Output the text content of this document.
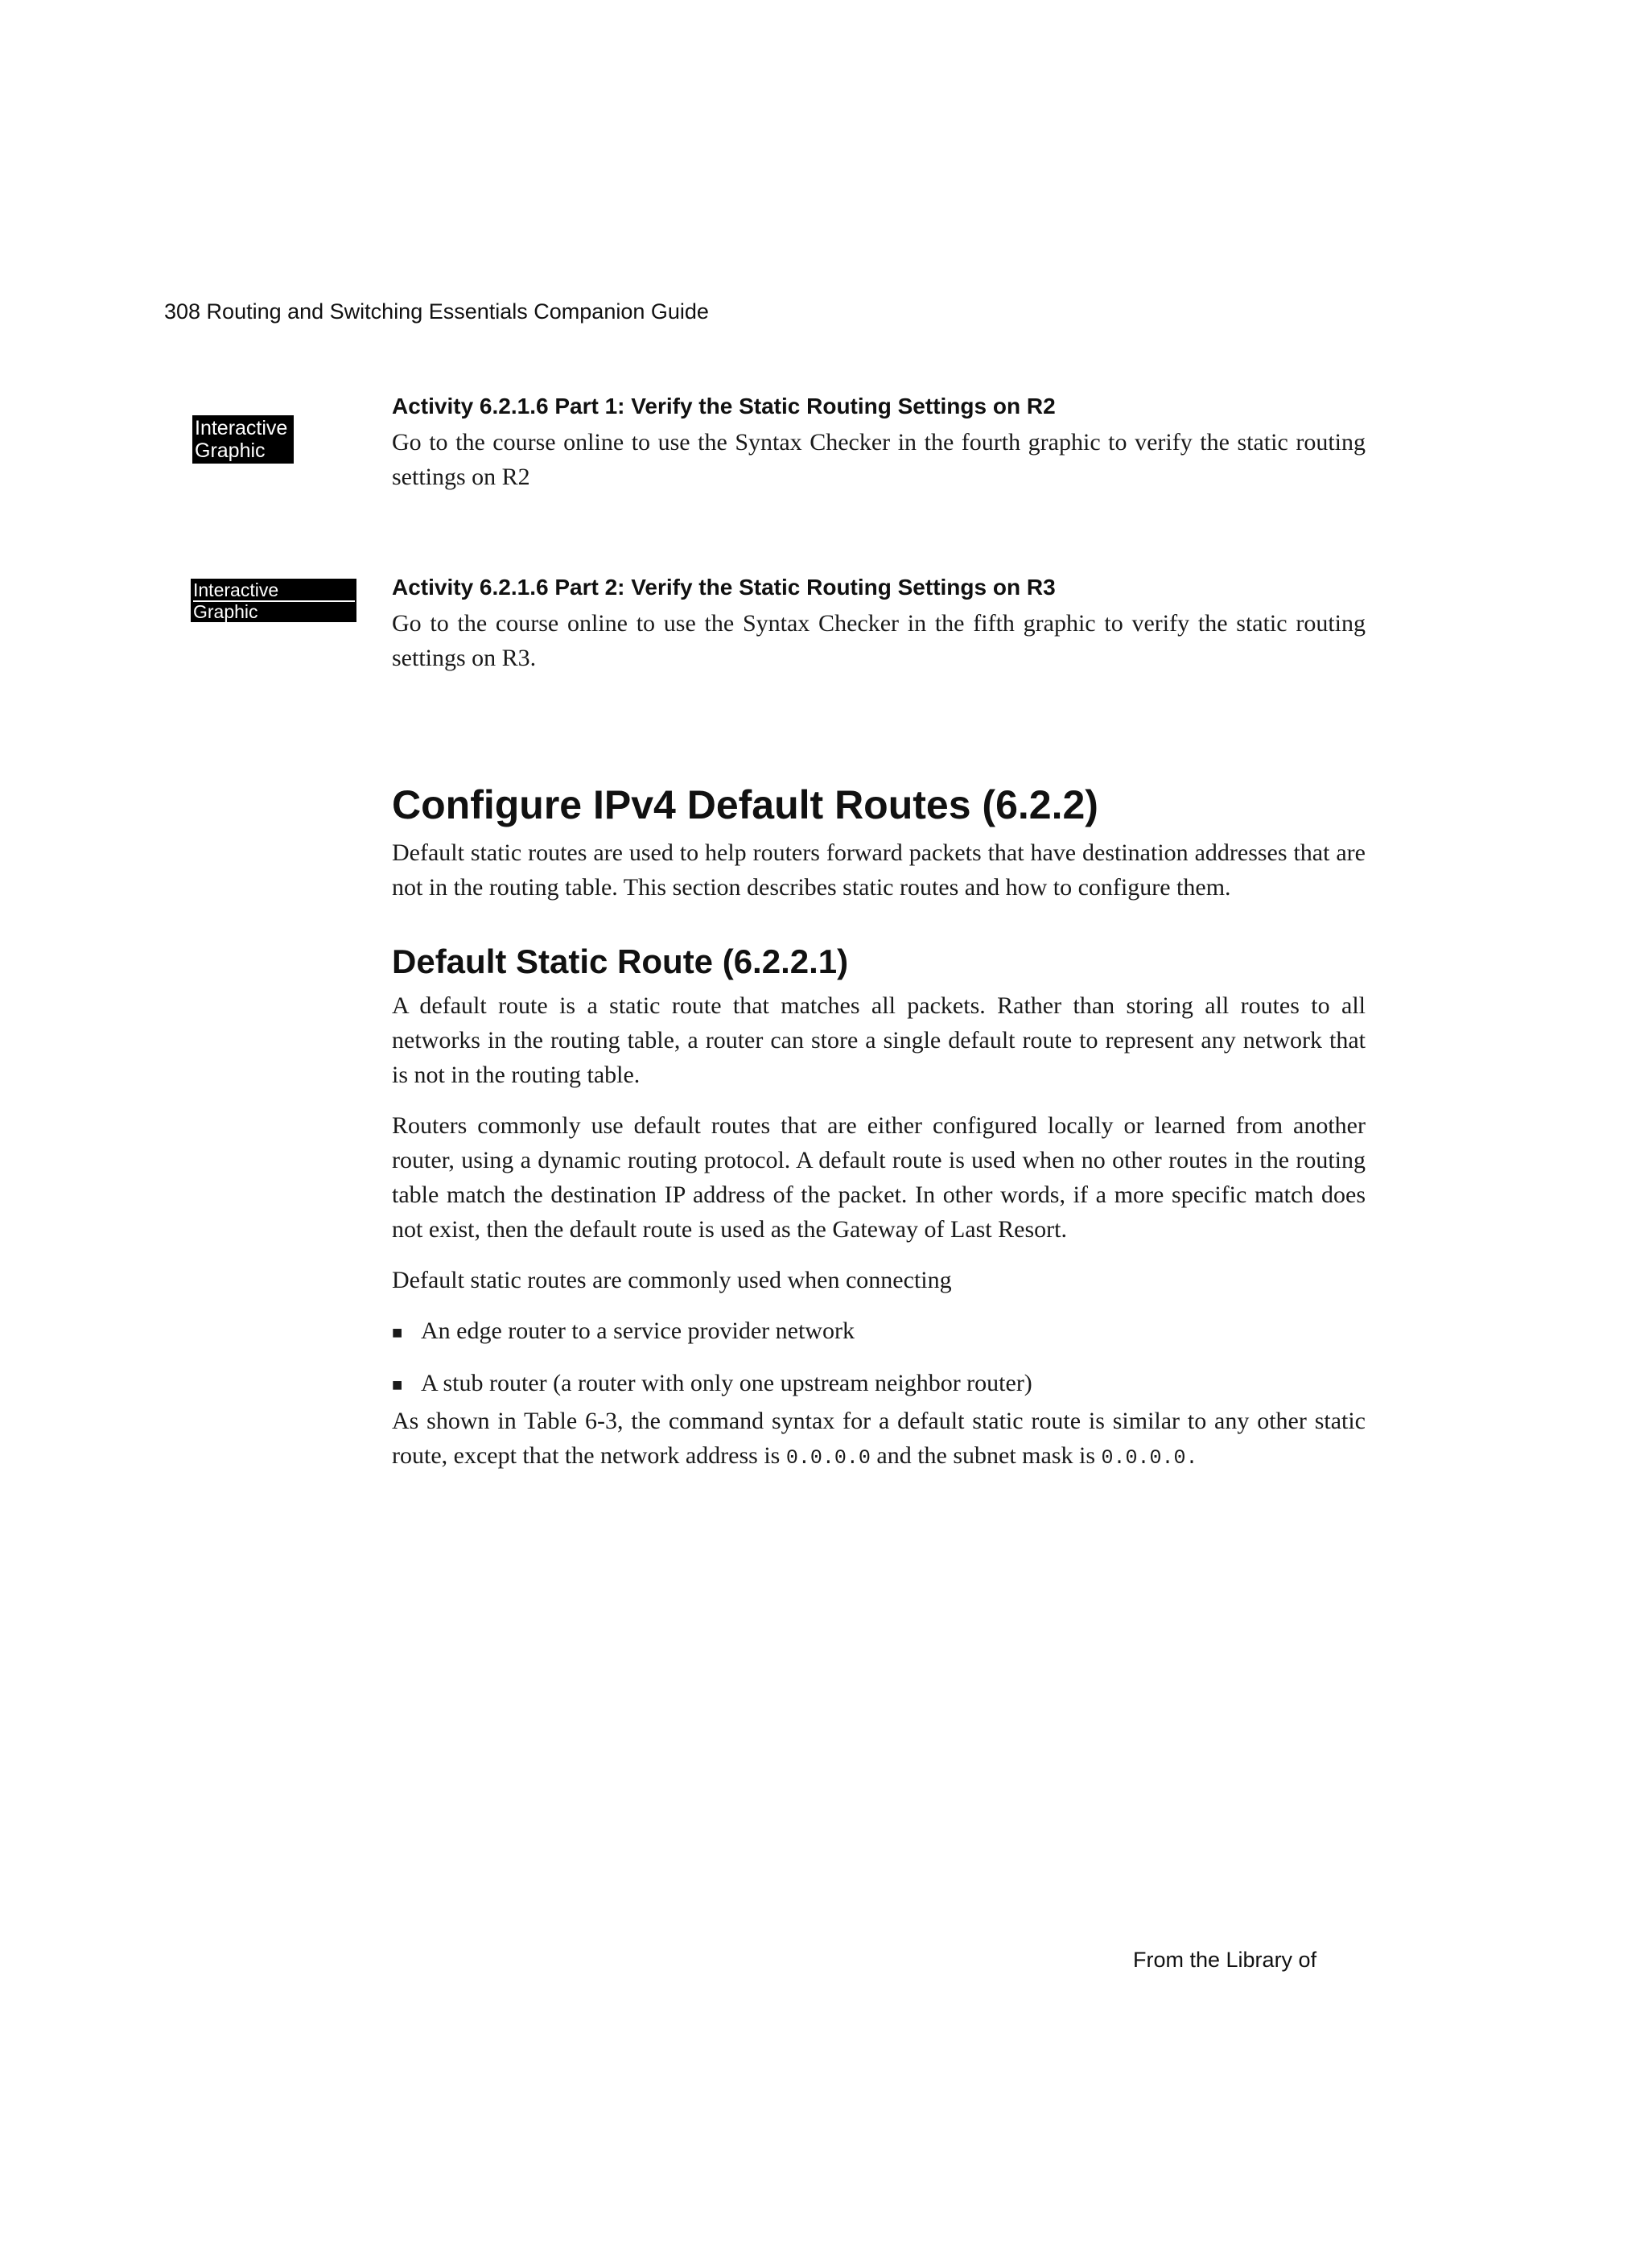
308 Routing and Switching Essentials Companion Guide
Interactive
Graphic

Activity 6.2.1.6 Part 1: Verify the Static Routing Settings on R2

Go to the course online to use the Syntax Checker in the fourth graphic to verify the static routing settings on R2

Interactive
Graphic

Activity 6.2.1.6 Part 2: Verify the Static Routing Settings on R3

Go to the course online to use the Syntax Checker in the fifth graphic to verify the static routing settings on R3.

Configure IPv4 Default Routes (6.2.2)

Default static routes are used to help routers forward packets that have destination addresses that are not in the routing table. This section describes static routes and how to configure them.

Default Static Route (6.2.2.1)

A default route is a static route that matches all packets. Rather than storing all routes to all networks in the routing table, a router can store a single default route to represent any network that is not in the routing table.

Routers commonly use default routes that are either configured locally or learned from another router, using a dynamic routing protocol. A default route is used when no other routes in the routing table match the destination IP address of the packet. In other words, if a more specific match does not exist, then the default route is used as the Gateway of Last Resort.

Default static routes are commonly used when connecting

■ An edge router to a service provider network
■ A stub router (a router with only one upstream neighbor router)

As shown in Table 6-3, the command syntax for a default static route is similar to any other static route, except that the network address is 0.0.0.0 and the subnet mask is 0.0.0.0.

From the Library of
